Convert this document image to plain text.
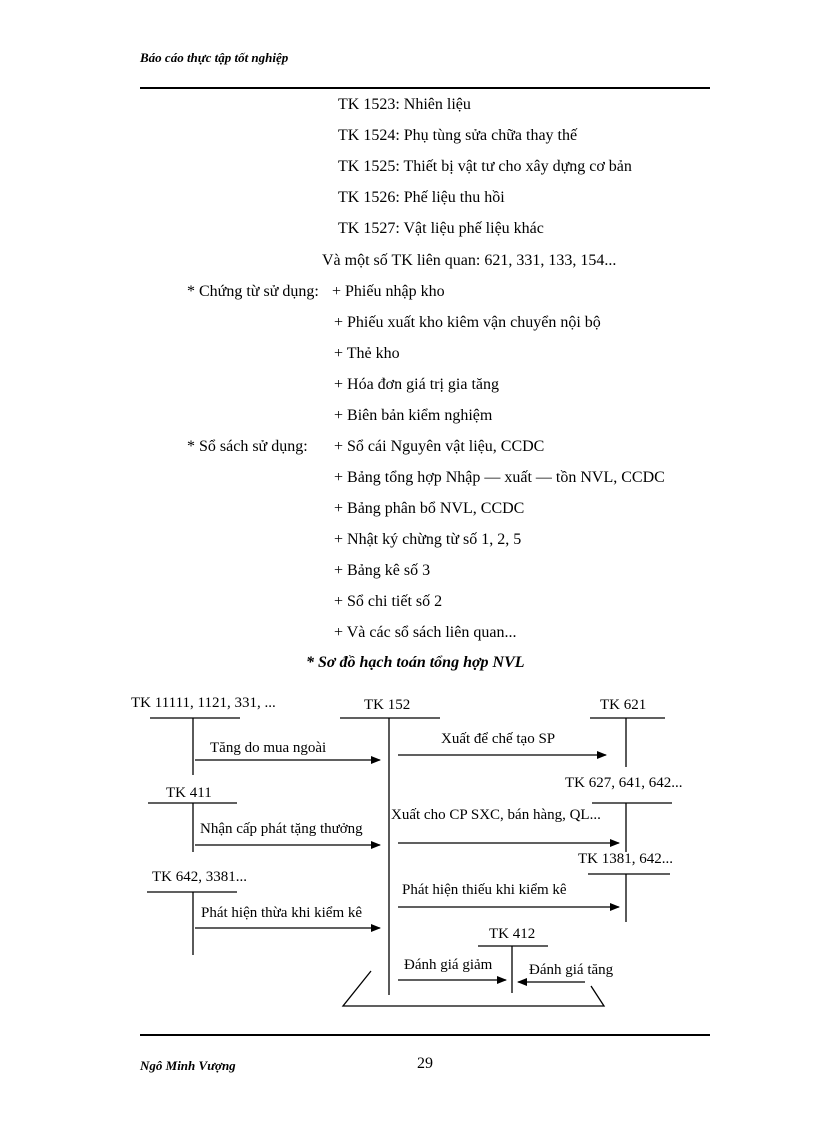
Báo cáo thực tập tốt nghiệp
TK 1523: Nhiên liệu
TK 1524: Phụ tùng sửa chữa thay thế
TK 1525: Thiết bị vật tư cho xây dựng cơ bản
TK 1526: Phế liệu thu hồi
TK 1527: Vật liệu phế liệu khác
Và một số TK liên quan: 621, 331, 133, 154...
* Chứng từ sử dụng: + Phiếu nhập kho
+ Phiếu xuất kho kiêm vận chuyển nội bộ
+ Thẻ kho
+ Hóa đơn giá trị gia tăng
+ Biên bản kiểm nghiệm
* Sổ sách sử dụng: + Sổ cái Nguyên vật liệu, CCDC
+ Bảng tổng hợp Nhập — xuất — tồn NVL, CCDC
+ Bảng phân bổ NVL, CCDC
+ Nhật ký chừng từ số 1, 2, 5
+ Bảng kê số 3
+ Sổ chi tiết số 2
+ Và các sổ sách liên quan...
* Sơ đồ hạch toán tổng hợp NVL
TK 11111, 1121, 331, ...	TK 152	TK 621
Tăng do mua ngoài
Xuất để chế tạo SP
TK 627, 641, 642...
TK 411
Xuất cho CP SXC, bán hàng, QL...
Nhận cấp phát tặng thưởng
TK 1381, 642...
TK 642, 3381...
Phát hiện thiếu khi kiểm kê
Phát hiện thừa khi kiểm kê
TK 412
Đánh giá giảm Đánh giá tăng
Ngô Minh Vượng	29
